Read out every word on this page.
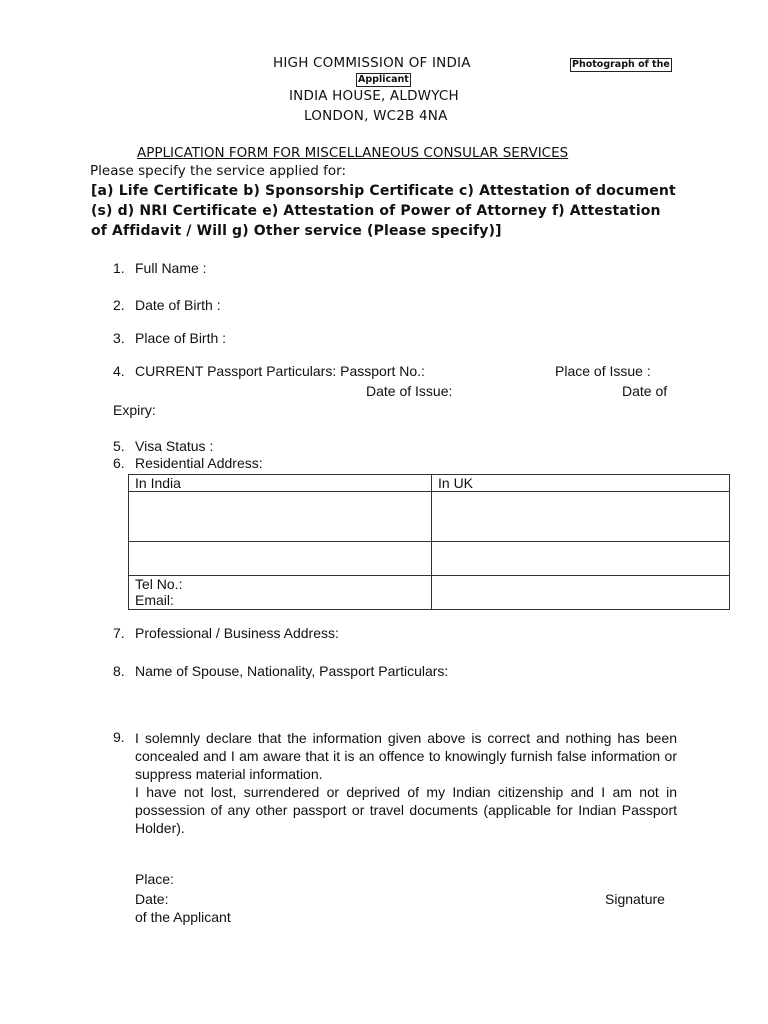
HIGH COMMISSION OF INDIA	Photograph of the
Applicant
INDIA HOUSE, ALDWYCH
LONDON, WC2B 4NA
APPLICATION FORM FOR MISCELLANEOUS CONSULAR SERVICES
Please specify the service applied for:
[a) Life Certificate b) Sponsorship Certificate c) Attestation of document
(s) d) NRI Certificate e) Attestation of Power of Attorney f) Attestation
of Affidavit / Will g) Other service (Please specify)]
1. Full Name :
2. Date of Birth :
3. Place of Birth :
4. CURRENT Passport Particulars: Passport No.:	Place of Issue :
Date of Issue:	Date of
Expiry:
5. Visa Status :
6. Residential Address:
In India	In UK

Tel No.:
Email:	

7. Professional / Business Address:
8. Name of Spouse, Nationality, Passport Particulars:
9. I solemnly declare that the information given above is correct and nothing has been concealed and I am aware that it is an offence to knowingly furnish false information or suppress material information.

I have not lost, surrendered or deprived of my Indian citizenship and I am not in possession of any other passport or travel documents (applicable for Indian Passport Holder).

Place:
Date:	Signature
of the Applicant
